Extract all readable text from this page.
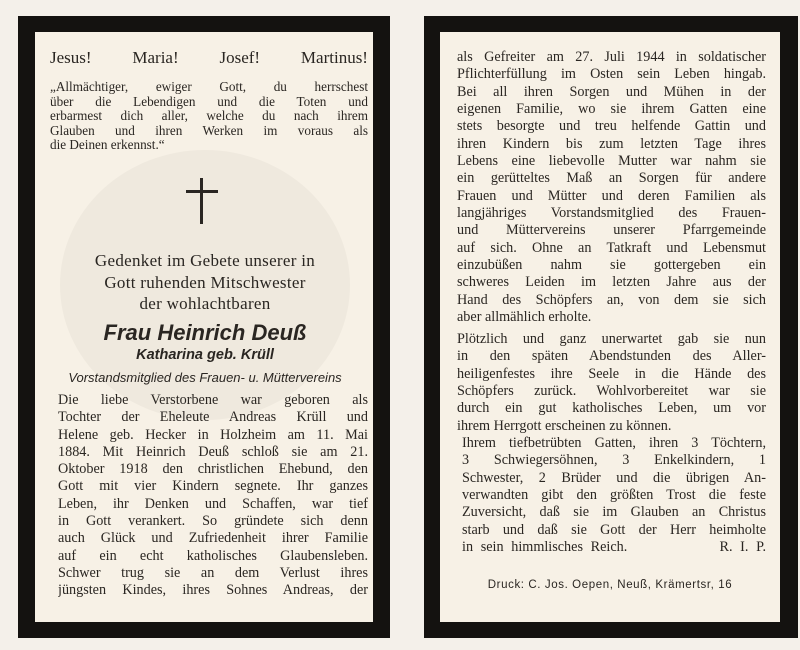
Jesus! Maria! Josef! Martinus!
„Allmächtiger, ewiger Gott, du herrschest
über die Lebendigen und die Toten und
erbarmest dich aller, welche du nach ihrem
Glauben und ihren Werken im voraus als
die Deinen erkennst.“
Gedenket im Gebete unserer in
Gott ruhenden Mitschwester
der wohlachtbaren
Frau Heinrich Deuß
Katharina geb. Krüll
Vorstandsmitglied des Frauen- u. Müttervereins
Die liebe Verstorbene war geboren als
Tochter der Eheleute Andreas Krüll und
Helene geb. Hecker in Holzheim am 11. Mai
1884. Mit Heinrich Deuß schloß sie am 21.
Oktober 1918 den christlichen Ehebund, den
Gott mit vier Kindern segnete. Ihr ganzes
Leben, ihr Denken und Schaffen, war tief
in Gott verankert. So gründete sich denn
auch Glück und Zufriedenheit ihrer Familie
auf ein echt katholisches Glaubensleben.
Schwer trug sie an dem Verlust ihres
jüngsten Kindes, ihres Sohnes Andreas, der
als Gefreiter am 27. Juli 1944 in soldatischer
Pflichterfüllung im Osten sein Leben hingab.
Bei all ihren Sorgen und Mühen in der
eigenen Familie, wo sie ihrem Gatten eine
stets besorgte und treu helfende Gattin und
ihren Kindern bis zum letzten Tage ihres
Lebens eine liebevolle Mutter war nahm sie
ein gerütteltes Maß an Sorgen für andere
Frauen und Mütter und deren Familien als
langjähriges Vorstandsmitglied des Frauen-
und Müttervereins unserer Pfarrgemeinde
auf sich. Ohne an Tatkraft und Lebensmut
einzubüßen nahm sie gottergeben ein
schweres Leiden im letzten Jahre aus der
Hand des Schöpfers an, von dem sie sich
aber allmählich erholte.
Plötzlich und ganz unerwartet gab sie nun
in den späten Abendstunden des Aller-
heiligenfestes ihre Seele in die Hände des
Schöpfers zurück. Wohlvorbereitet war sie
durch ein gut katholisches Leben, um vor
ihrem Herrgott erscheinen zu können.
Ihrem tiefbetrübten Gatten, ihren 3 Töchtern,
3 Schwiegersöhnen, 3 Enkelkindern, 1
Schwester, 2 Brüder und die übrigen An-
verwandten gibt den größten Trost die feste
Zuversicht, daß sie im Glauben an Christus
starb und daß sie Gott der Herr heimholte
in sein himmlisches Reich.            R. I. P.
Druck: C. Jos. Oepen, Neuß, Krämertsr, 16
